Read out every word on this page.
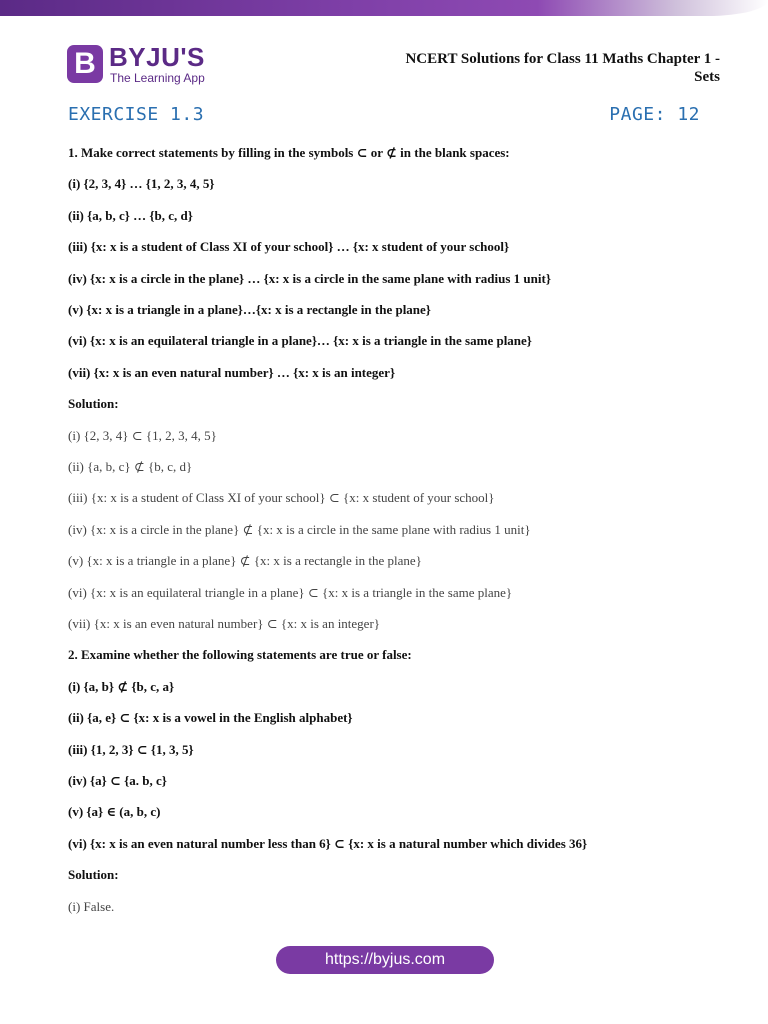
B BYJU'S
The Learning App
NCERT Solutions for Class 11 Maths Chapter 1 -
Sets
EXERCISE 1.3	PAGE: 12
1. Make correct statements by filling in the symbols ⊂ or ⊄ in the blank spaces:
(i) {2, 3, 4} … {1, 2, 3, 4, 5}
(ii) {a, b, c} … {b, c, d}
(iii) {x: x is a student of Class XI of your school} … {x: x student of your school}
(iv) {x: x is a circle in the plane} … {x: x is a circle in the same plane with radius 1 unit}
(v) {x: x is a triangle in a plane}…{x: x is a rectangle in the plane}
(vi) {x: x is an equilateral triangle in a plane}… {x: x is a triangle in the same plane}
(vii) {x: x is an even natural number} … {x: x is an integer}
Solution:
(i) {2, 3, 4} ⊂ {1, 2, 3, 4, 5}
(ii) {a, b, c} ⊄ {b, c, d}
(iii) {x: x is a student of Class XI of your school} ⊂ {x: x student of your school}
(iv) {x: x is a circle in the plane} ⊄ {x: x is a circle in the same plane with radius 1 unit}
(v) {x: x is a triangle in a plane} ⊄ {x: x is a rectangle in the plane}
(vi) {x: x is an equilateral triangle in a plane} ⊂ {x: x is a triangle in the same plane}
(vii) {x: x is an even natural number} ⊂ {x: x is an integer}
2. Examine whether the following statements are true or false:
(i) {a, b} ⊄ {b, c, a}
(ii) {a, e} ⊂ {x: x is a vowel in the English alphabet}
(iii) {1, 2, 3} ⊂ {1, 3, 5}
(iv) {a} ⊂ {a. b, c}
(v) {a} ∈ (a, b, c)
(vi) {x: x is an even natural number less than 6} ⊂ {x: x is a natural number which divides 36}
Solution:
(i) False.
https://byjus.com
